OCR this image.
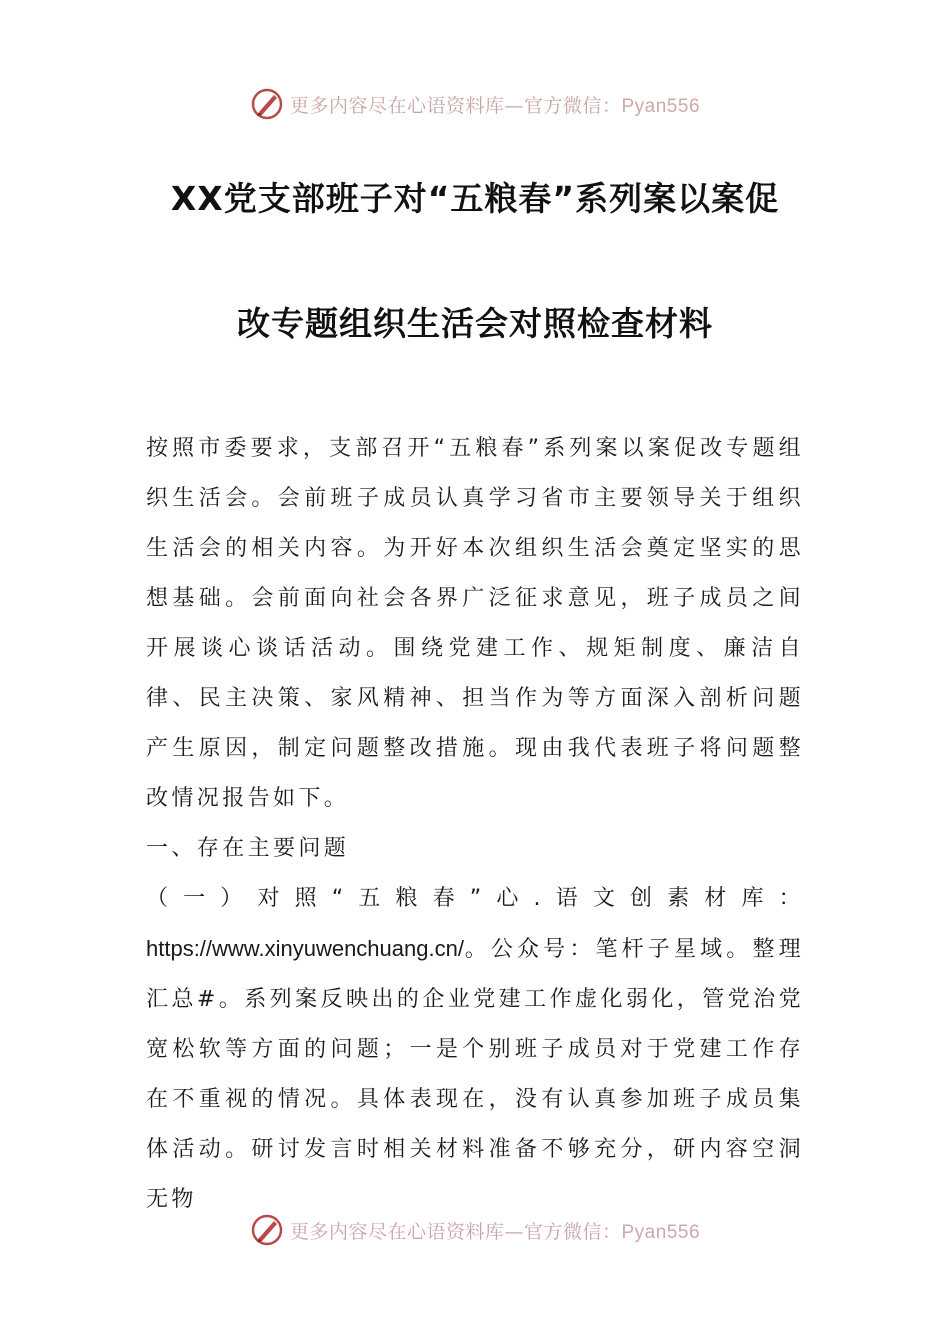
更多内容尽在心语资料库—官方微信：Pyan556
XX党支部班子对“五粮春”系列案以案促
改专题组织生活会对照检查材料

按照市委要求，支部召开“五粮春”系列案以案促改专题组织生活会。会前班子成员认真学习省市主要领导关于组织生活会的相关内容。为开好本次组织生活会奠定坚实的思想基础。会前面向社会各界广泛征求意见，班子成员之间开展谈心谈话活动。围绕党建工作、规矩制度、廉洁自律、民主决策、家风精神、担当作为等方面深入剖析问题产生原因，制定问题整改措施。现由我代表班子将问题整改情况报告如下。

一、存在主要问题

（一）对照“五粮春”心.语文创素材库：https://www.xinyuwenchuang.cn/。公众号：笔杆子星域。整理汇总#。系列案反映出的企业党建工作虚化弱化，管党治党宽松软等方面的问题；一是个别班子成员对于党建工作存在不重视的情况。具体表现在，没有认真参加班子成员集体活动。研讨发言时相关材料准备不够充分，研内容空洞无物

更多内容尽在心语资料库—官方微信：Pyan556
